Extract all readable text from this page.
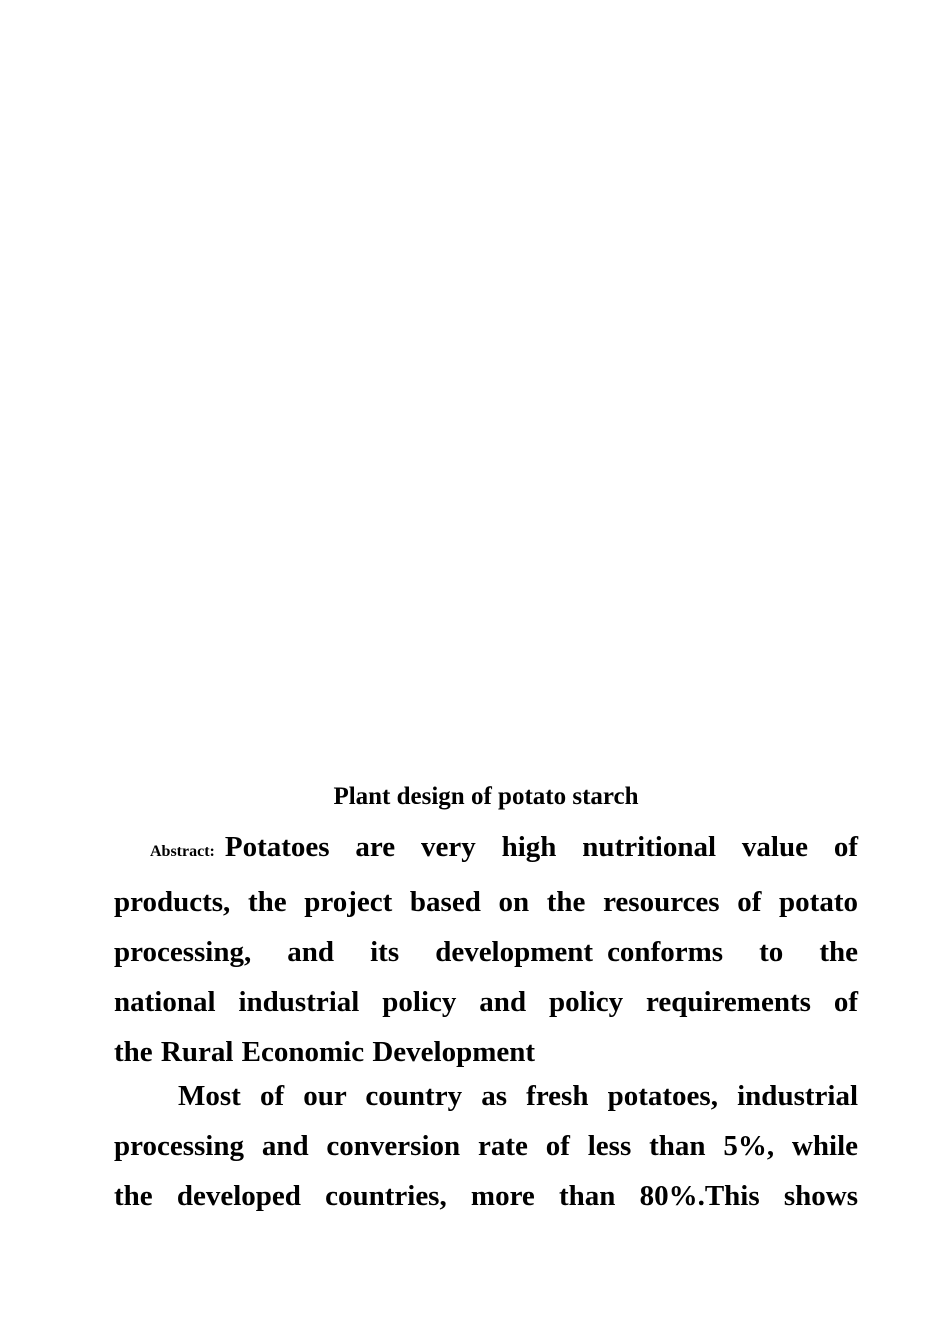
Plant design of potato starch
Abstract: Potatoes are very high nutritional value of
products, the project based on the resources of potato
processing, and its development conforms to the
national industrial policy and policy requirements of
the Rural Economic Development
Most of our country as fresh potatoes, industrial
processing and conversion rate of less than 5%, while
the developed countries, more than 80%.This shows
